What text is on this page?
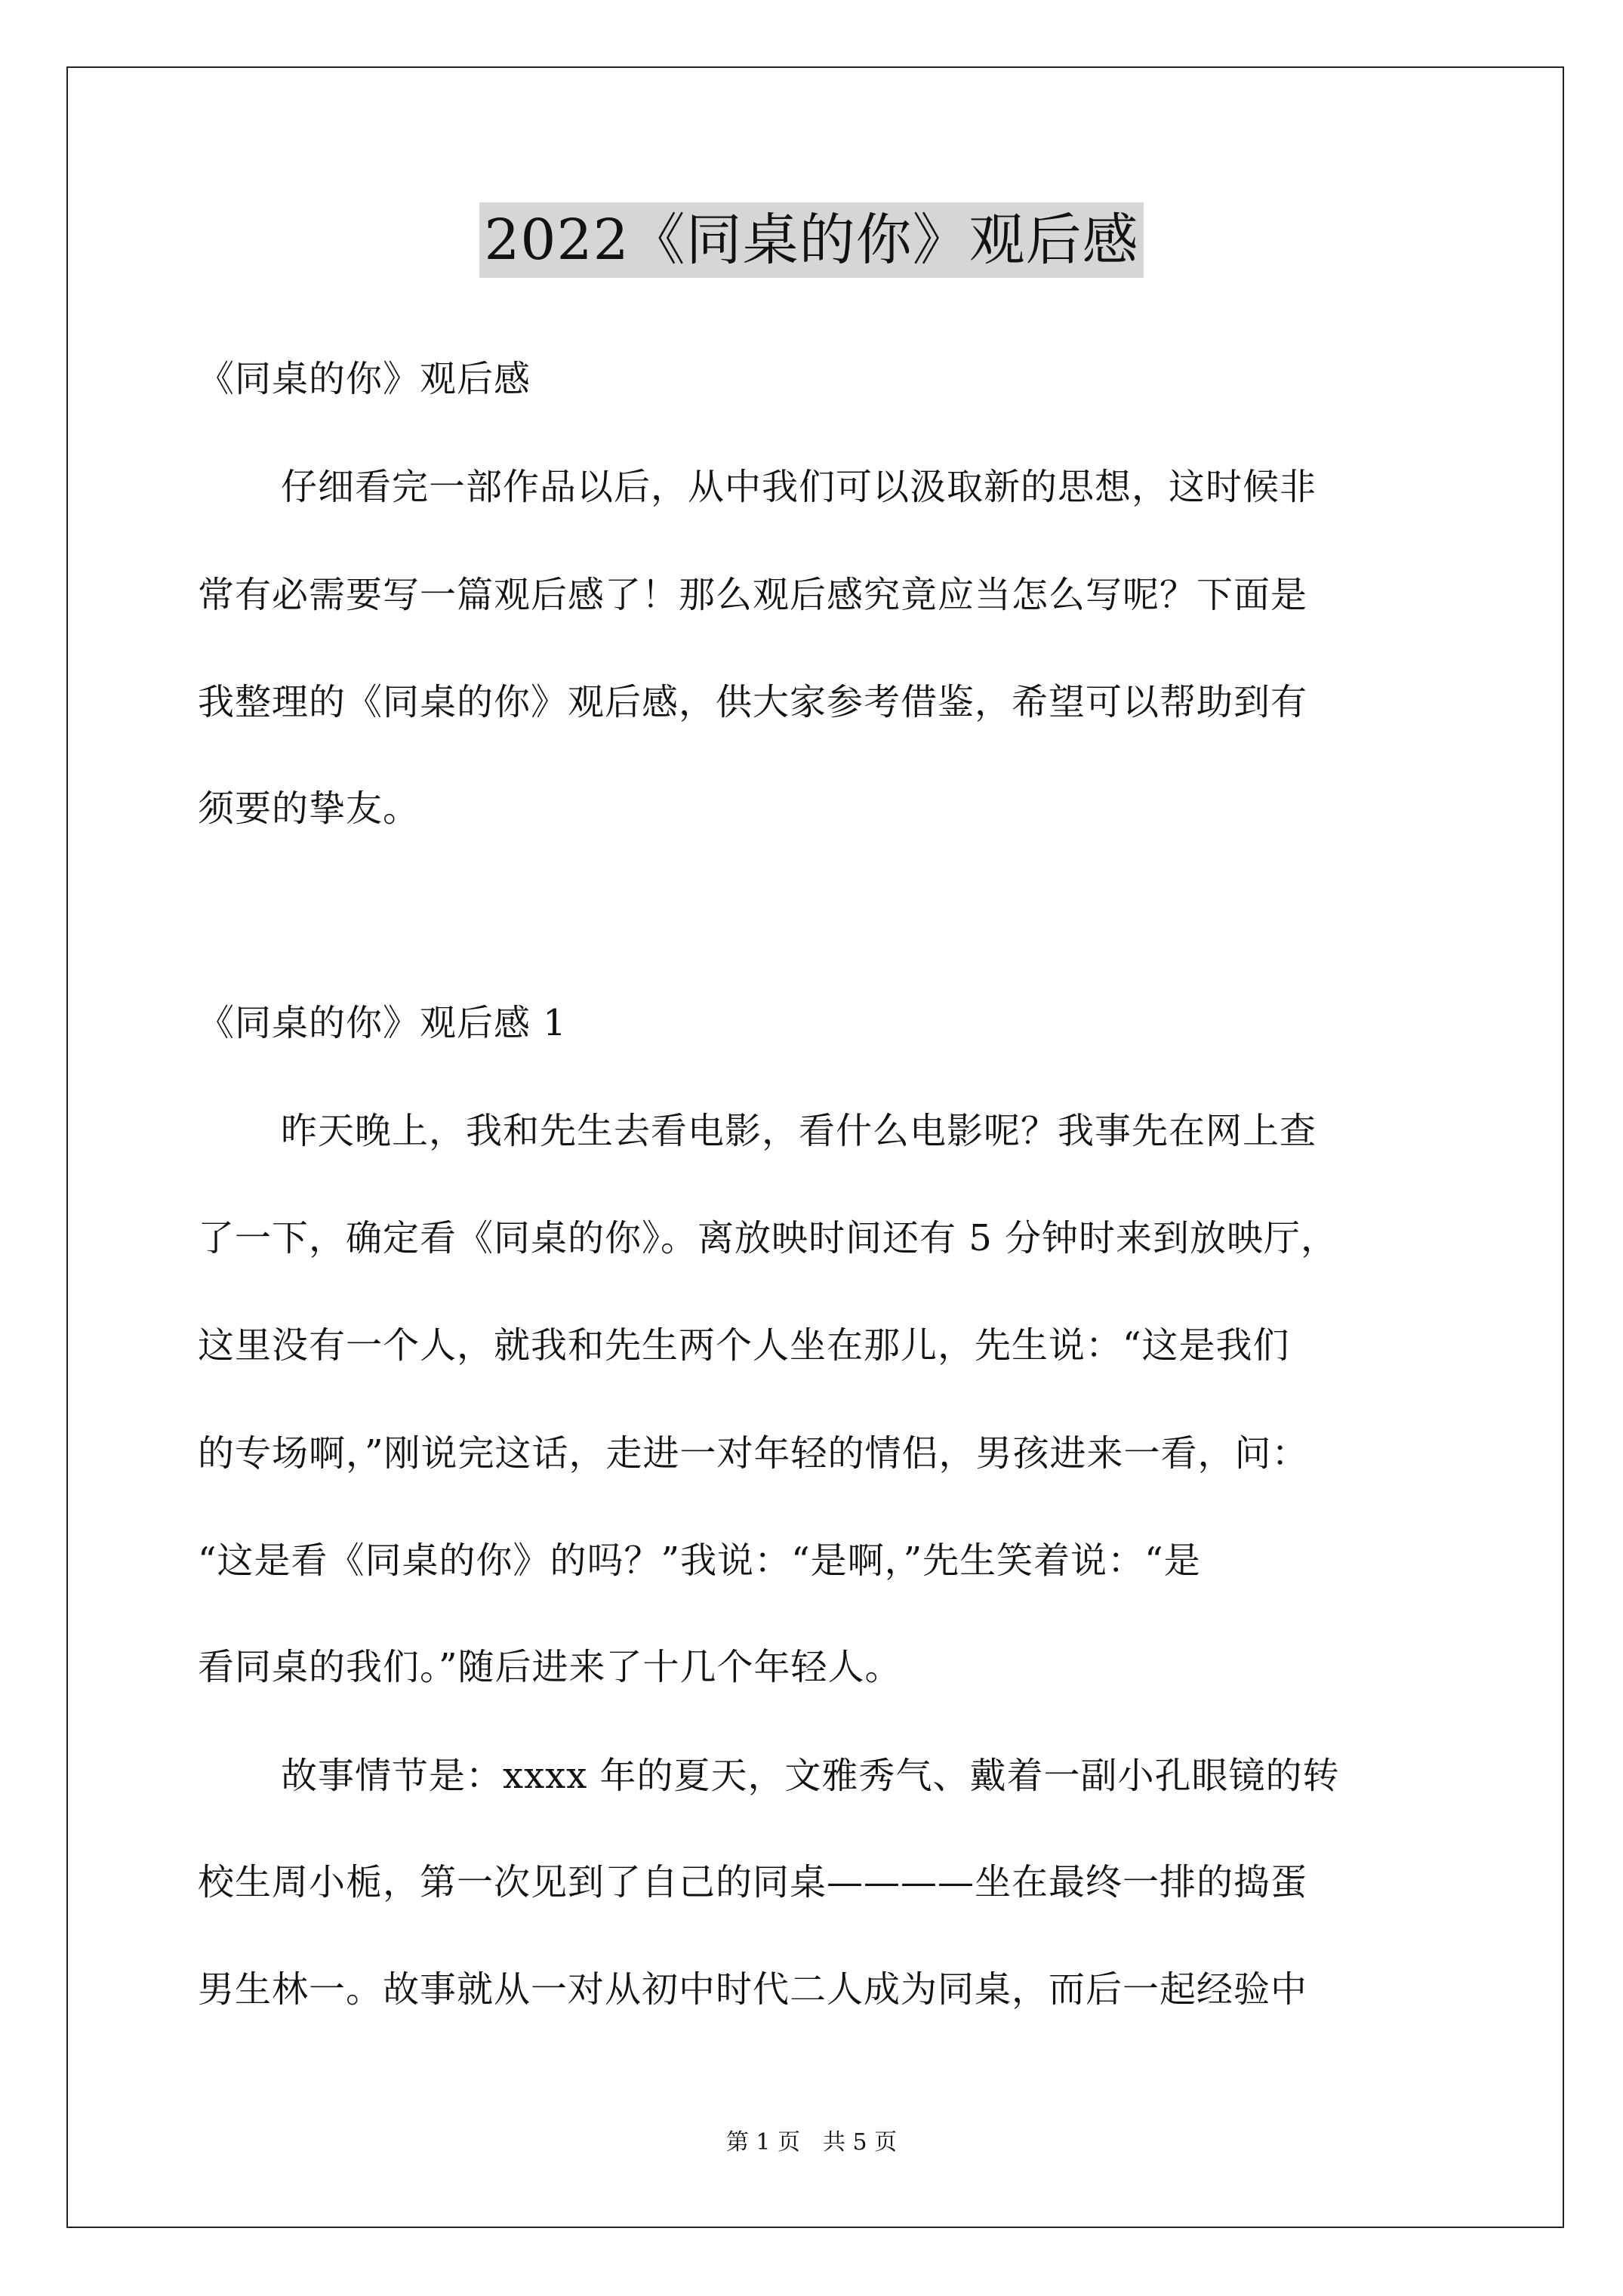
2022《同桌的你》观后感
《同桌的你》观后感
仔细看完一部作品以后，从中我们可以汲取新的思想，这时候非
常有必需要写一篇观后感了！那么观后感究竟应当怎么写呢？下面是
我整理的《同桌的你》观后感，供大家参考借鉴，希望可以帮助到有
须要的挚友。
《同桌的你》观后感 1
昨天晚上，我和先生去看电影，看什么电影呢？我事先在网上查
了一下，确定看《同桌的你》。离放映时间还有 5 分钟时来到放映厅，
这里没有一个人，就我和先生两个人坐在那儿，先生说：“这是我们
的专场啊，”刚说完这话，走进一对年轻的情侣，男孩进来一看，问：
“这是看《同桌的你》的吗？”我说：“是啊，”先生笑着说：“是
看同桌的我们。”随后进来了十几个年轻人。
故事情节是：xxxx 年的夏天，文雅秀气、戴着一副小孔眼镜的转
校生周小栀，第一次见到了自己的同桌————坐在最终一排的捣蛋
男生林一。故事就从一对从初中时代二人成为同桌，而后一起经验中
第 1 页 共 5 页
